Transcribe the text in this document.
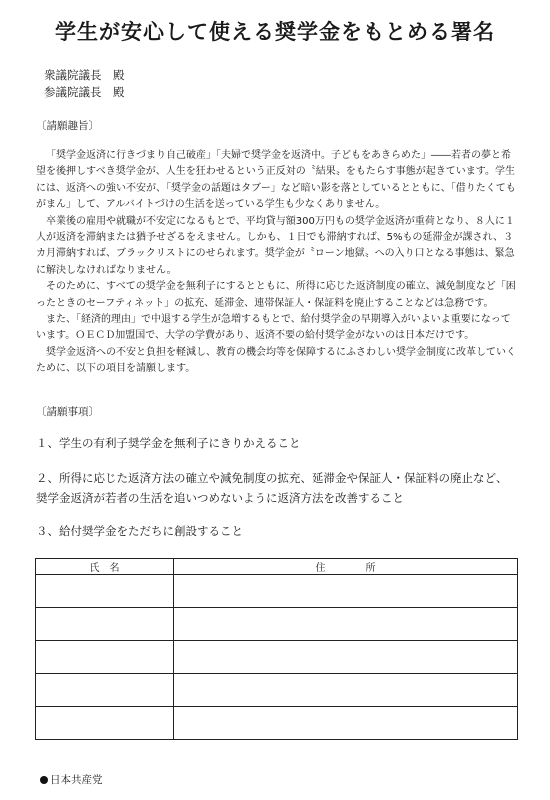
学生が安心して使える奨学金をもとめる署名
衆議院議長　殿
参議院議長　殿
〔請願趣旨〕

「奨学金返済に行きづまり自己破産」「夫婦で奨学金を返済中。子どもをあきらめた」――若者の夢と希望を後押しすべき奨学金が、人生を狂わせるという正反対の〝結果〟をもたらす事態が起きています。学生には、返済への強い不安が、「奨学金の話題はタブー」など暗い影を落としているとともに、「借りたくてもがまん」して、アルバイトづけの生活を送っている学生も少なくありません。

卒業後の雇用や就職が不安定になるもとで、平均貸与額300万円もの奨学金返済が重荷となり、８人に１人が返済を滞納または猶予せざるをえません。しかも、１日でも滞納すれば、5%もの延滞金が課され、３カ月滞納すれば、ブラックリストにのせられます。奨学金が〝ローン地獄〟への入り口となる事態は、緊急に解決しなければなりません。

そのために、すべての奨学金を無利子にするとともに、所得に応じた返済制度の確立、減免制度など「困ったときのセーフティネット」の拡充、延滞金、連帯保証人・保証料を廃止することなどは急務です。

また、「経済的理由」で中退する学生が急増するもとで、給付奨学金の早期導入がいよいよ重要になっています。ＯＥＣＤ加盟国で、大学の学費があり、返済不要の給付奨学金がないのは日本だけです。

奨学金返済への不安と負担を軽減し、教育の機会均等を保障するにふさわしい奨学金制度に改革していくために、以下の項目を請願します。

〔請願事項〕
１、学生の有利子奨学金を無利子にきりかえること
２、所得に応じた返済方法の確立や減免制度の拡充、延滞金や保証人・保証料の廃止など、奨学金返済が若者の生活を追いつめないように返済方法を改善すること
３、給付奨学金をただちに創設すること
氏　名	住　　　　所

日本共産党
